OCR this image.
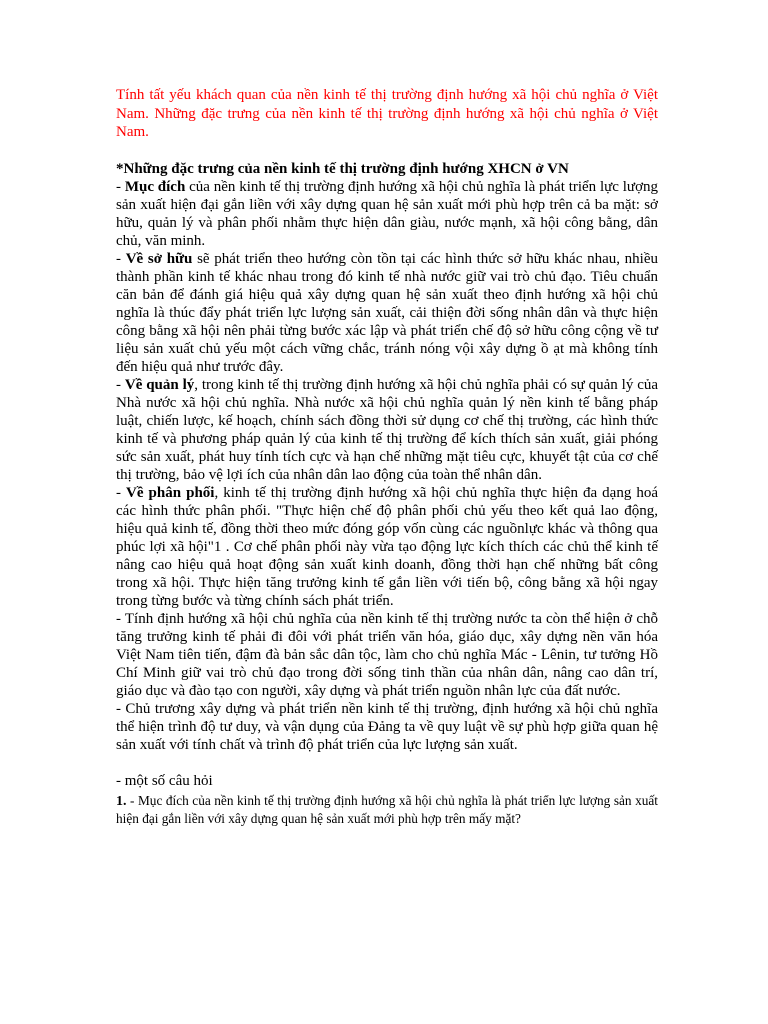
Tính tất yếu khách quan của nền kinh tế thị trường định hướng xã hội chủ nghĩa ở Việt Nam. Những đặc trưng của nền kinh tế thị trường định hướng xã hội chủ nghĩa ở Việt Nam.

*Những đặc trưng của nền kinh tế thị trường định hướng XHCN ở VN

- Mục đích của nền kinh tế thị trường định hướng xã hội chủ nghĩa là phát triển lực lượng sản xuất hiện đại gắn liền với xây dựng quan hệ sản xuất mới phù hợp trên cả ba mặt: sở hữu, quản lý và phân phối nhằm thực hiện dân giàu, nước mạnh, xã hội công bằng, dân chủ, văn minh.

- Về sở hữu sẽ phát triển theo hướng còn tồn tại các hình thức sở hữu khác nhau, nhiều thành phần kinh tế khác nhau trong đó kinh tế nhà nước giữ vai trò chủ đạo. Tiêu chuẩn căn bản để đánh giá hiệu quả xây dựng quan hệ sản xuất theo định hướng xã hội chủ nghĩa là thúc đẩy phát triển lực lượng sản xuất, cải thiện đời sống nhân dân và thực hiện công bằng xã hội nên phải từng bước xác lập và phát triển chế độ sở hữu công cộng về tư liệu sản xuất chủ yếu một cách vững chắc, tránh nóng vội xây dựng ồ ạt mà không tính đến hiệu quả như trước đây.

- Về quản lý, trong kinh tế thị trường định hướng xã hội chủ nghĩa phải có sự quản lý của Nhà nước xã hội chủ nghĩa. Nhà nước xã hội chủ nghĩa quản lý nền kinh tế bằng pháp luật, chiến lược, kế hoạch, chính sách đồng thời sử dụng cơ chế thị trường, các hình thức kinh tế và phương pháp quản lý của kinh tế thị trường để kích thích sản xuất, giải phóng sức sản xuất, phát huy tính tích cực và hạn chế những mặt tiêu cực, khuyết tật của cơ chế thị trường, bảo vệ lợi ích của nhân dân lao động của toàn thể nhân dân.

- Về phân phối, kinh tế thị trường định hướng xã hội chủ nghĩa thực hiện đa dạng hoá các hình thức phân phối. "Thực hiện chế độ phân phối chủ yếu theo kết quả lao động, hiệu quả kinh tế, đồng thời theo mức đóng góp vốn cùng các nguồnlực khác và thông qua phúc lợi xã hội"1 . Cơ chế phân phối này vừa tạo động lực kích thích các chủ thể kinh tế nâng cao hiệu quả hoạt động sản xuất kinh doanh, đồng thời hạn chế những bất công trong xã hội. Thực hiện tăng trưởng kinh tế gắn liền với tiến bộ, công bằng xã hội ngay trong từng bước và từng chính sách phát triển.

- Tính định hướng xã hội chủ nghĩa của nền kinh tế thị trường nước ta còn thể hiện ở chỗ tăng trưởng kinh tế phải đi đôi với phát triển văn hóa, giáo dục, xây dựng nền văn hóa Việt Nam tiên tiến, đậm đà bản sắc dân tộc, làm cho chủ nghĩa Mác - Lênin, tư tưởng Hồ Chí Minh giữ vai trò chủ đạo trong đời sống tinh thần của nhân dân, nâng cao dân trí, giáo dục và đào tạo con người, xây dựng và phát triển nguồn nhân lực của đất nước.

- Chủ trương xây dựng và phát triển nền kinh tế thị trường, định hướng xã hội chủ nghĩa thể hiện trình độ tư duy, và vận dụng của Đảng ta về quy luật về sự phù hợp giữa quan hệ sản xuất với tính chất và trình độ phát triển của lực lượng sản xuất.

- một số câu hỏi

1. - Mục đích của nền kinh tế thị trường định hướng xã hội chủ nghĩa là phát triển lực lượng sản xuất hiện đại gắn liền với xây dựng quan hệ sản xuất mới phù hợp trên mấy mặt?
